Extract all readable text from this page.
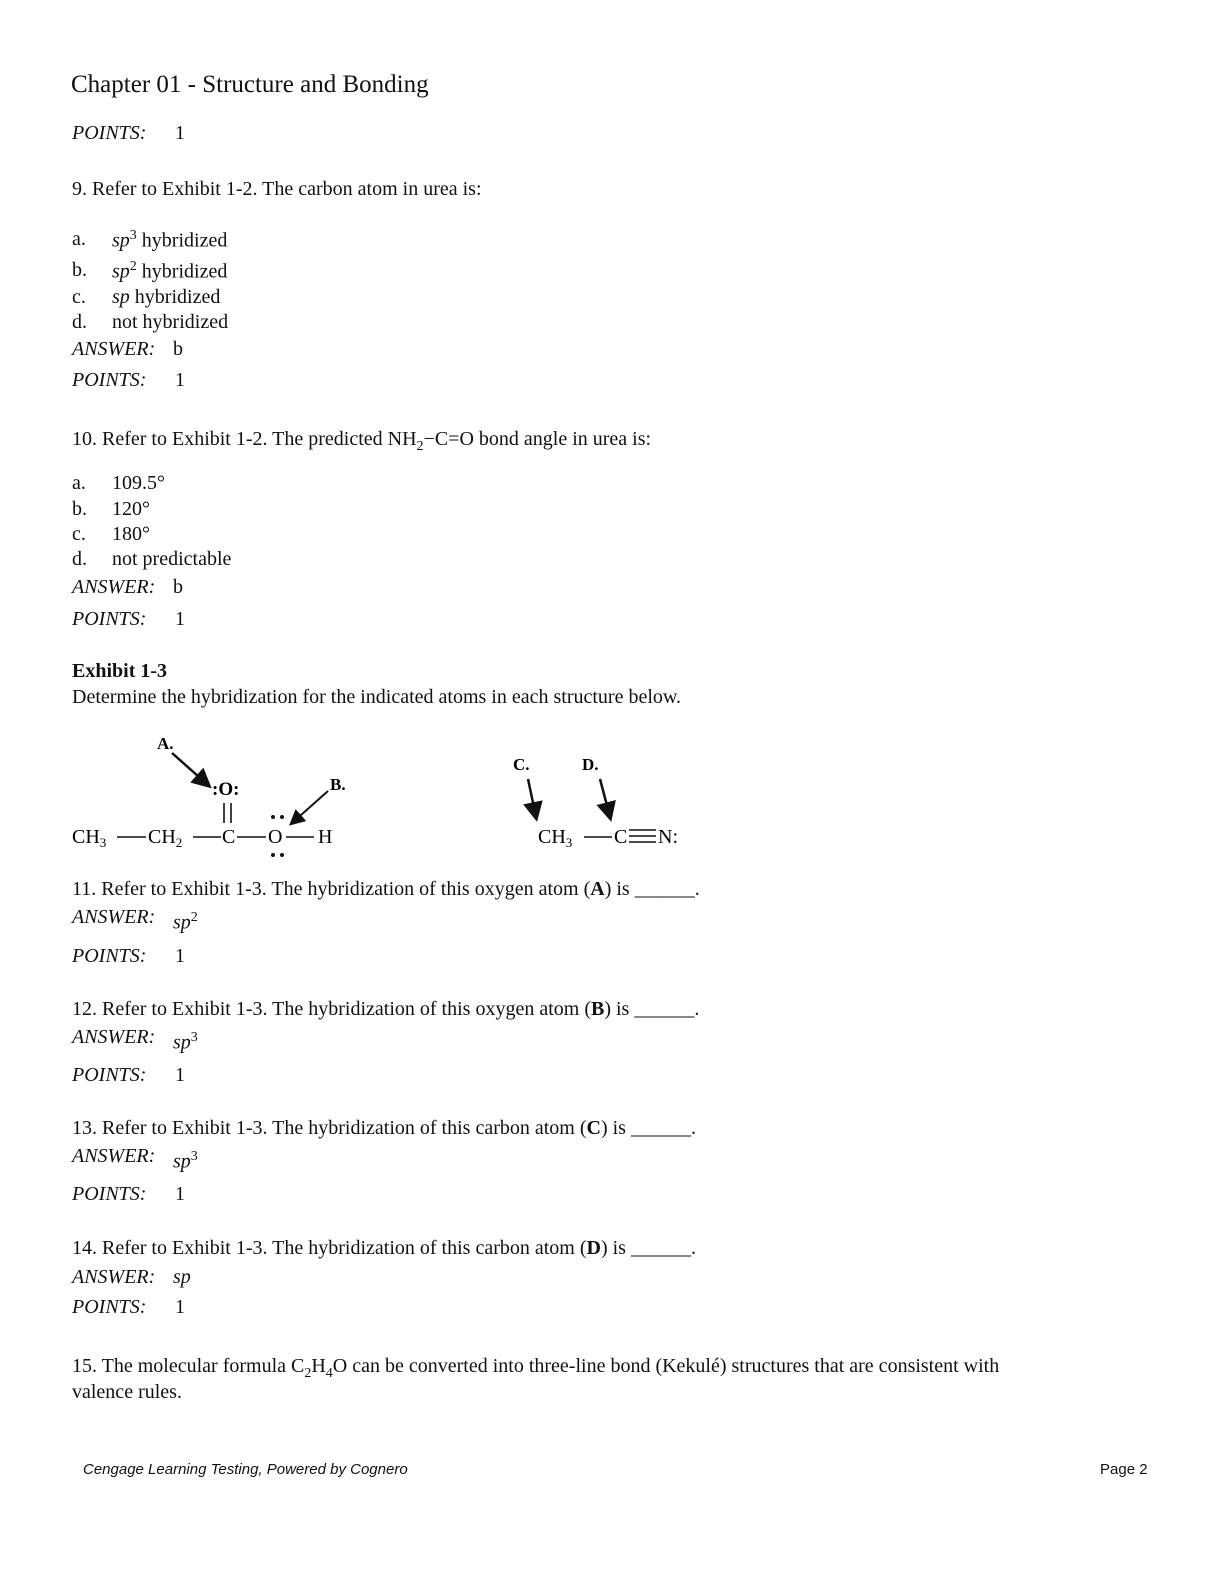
Chapter 01 - Structure and Bonding
POINTS: 1
9. Refer to Exhibit 1-2. The carbon atom in urea is:
a. $sp^3$ hybridized
b. $sp^2$ hybridized
c. sp hybridized
d. not hybridized
ANSWER: b
POINTS: 1
10. Refer to Exhibit 1-2. The predicted $NH_2-C=O$ bond angle in urea is:
a. 109.5°
b. 120°
c. 180°
d. not predictable
ANSWER: b
POINTS: 1
Exhibit 1-3
Determine the hybridization for the indicated atoms in each structure below.
A.
:O:	B.
$CH_3$ $CH_2$ C O H
C.	D.
$CH_3$ C N:
11. Refer to Exhibit 1-3. The hybridization of this oxygen atom (A) is ______.
ANSWER: $sp^2$
POINTS: 1
12. Refer to Exhibit 1-3. The hybridization of this oxygen atom (B) is ______.
ANSWER: $sp^3$
POINTS: 1
13. Refer to Exhibit 1-3. The hybridization of this carbon atom (C) is ______.
ANSWER: $sp^3$
POINTS: 1
14. Refer to Exhibit 1-3. The hybridization of this carbon atom (D) is ______.
ANSWER: sp
POINTS: 1
15. The molecular formula $C_2H_4O$ can be converted into three-line bond (Kekulé) structures that are consistent with
valence rules.
Cengage Learning Testing, Powered by Cognero	Page 2
